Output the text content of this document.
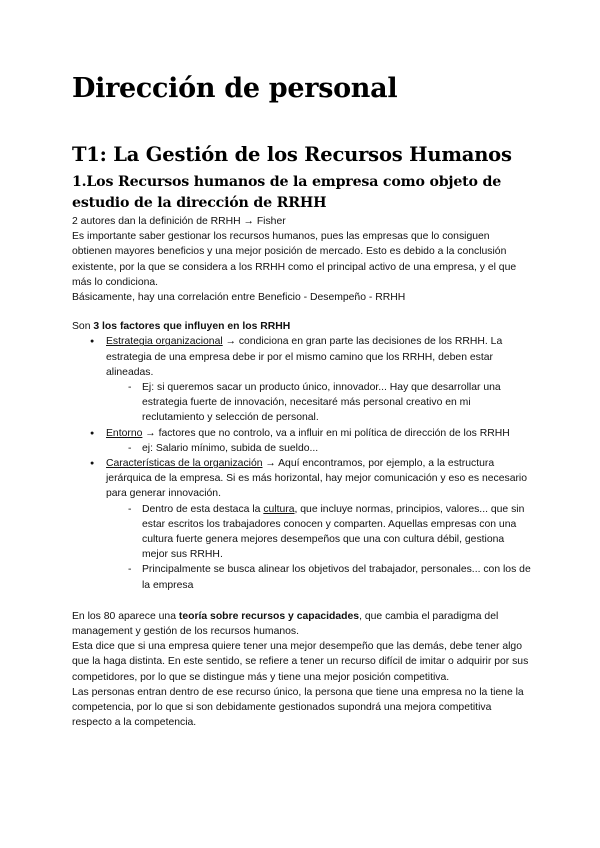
Dirección de personal
T1: La Gestión de los Recursos Humanos
1.Los Recursos humanos de la empresa como objeto de estudio de la dirección de RRHH

2 autores dan la definición de RRHH → Fisher

Es importante saber gestionar los recursos humanos, pues las empresas que lo consiguen obtienen mayores beneficios y una mejor posición de mercado. Esto es debido a la conclusión existente, por la que se considera a los RRHH como el principal activo de una empresa, y el que más lo condiciona.

Básicamente, hay una correlación entre Beneficio - Desempeño - RRHH

Son 3 los factores que influyen en los RRHH

● Estrategia organizacional → condiciona en gran parte las decisiones de los RRHH. La estrategia de una empresa debe ir por el mismo camino que los RRHH, deben estar alineadas.
- Ej: si queremos sacar un producto único, innovador... Hay que desarrollar una estrategia fuerte de innovación, necesitaré más personal creativo en mi reclutamiento y selección de personal.
● Entorno → factores que no controlo, va a influir en mi política de dirección de los RRHH
- ej: Salario mínimo, subida de sueldo...
● Características de la organización → Aquí encontramos, por ejemplo, a la estructura jerárquica de la empresa. Si es más horizontal, hay mejor comunicación y eso es necesario para generar innovación.
- Dentro de esta destaca la cultura, que incluye normas, principios, valores... que sin estar escritos los trabajadores conocen y comparten. Aquellas empresas con una cultura fuerte genera mejores desempeños que una con cultura débil, gestiona mejor sus RRHH.
- Principalmente se busca alinear los objetivos del trabajador, personales... con los de la empresa

En los 80 aparece una teoría sobre recursos y capacidades, que cambia el paradigma del management y gestión de los recursos humanos.

Esta dice que si una empresa quiere tener una mejor desempeño que las demás, debe tener algo que la haga distinta. En este sentido, se refiere a tener un recurso difícil de imitar o adquirir por sus competidores, por lo que se distingue más y tiene una mejor posición competitiva.

Las personas entran dentro de ese recurso único, la persona que tiene una empresa no la tiene la competencia, por lo que si son debidamente gestionados supondrá una mejora competitiva respecto a la competencia.
